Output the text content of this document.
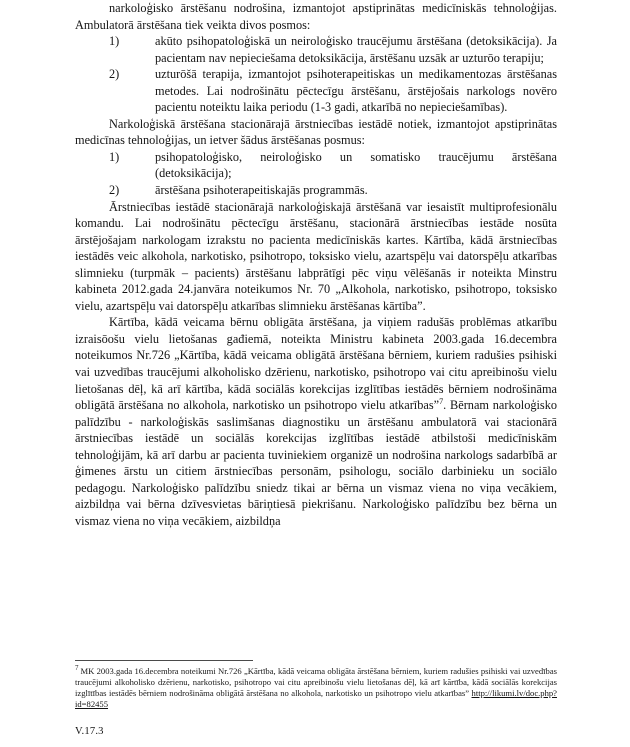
narkoloģisko ārstēšanu nodrošina, izmantojot apstiprinātas medicīniskās tehnoloģijas. Ambulatorā ārstēšana tiek veikta divos posmos:

1)	akūto psihopatoloģiskā un neiroloģisko traucējumu ārstēšana (detoksikācija). Ja pacientam nav nepieciešama detoksikācija, ārstēšanu uzsāk ar uzturōo terapiju;
2)	uzturōšā terapija, izmantojot psihoterapeitiskas un medikamentozas ārstēšanas metodes. Lai nodrošinātu pēctecīgu ārstēšanu, ārstējošais narkologs novēro pacientu noteiktu laika periodu (1-3 gadi, atkarībā no nepieciešamības).

Narkoloģiskā ārstēšana stacionārajā ārstniecības iestādē notiek, izmantojot apstiprinātas medicīnas tehnoloģijas, un ietver šādus ārstēšanas posmus:

1)	psihopatoloģisko, neiroloģisko un somatisko traucējumu ārstēšana (detoksikācija);
2)	ārstēšana psihoterapeitiskajās programmās.

Ārstniecības iestādē stacionārajā narkoloģiskajā ārstēšanā var iesaistīt multiprofesionālu komandu. Lai nodrošinātu pēctecīgu ārstēšanu, stacionārā ārstniecības iestāde nosūta ārstējošajam narkologam izrakstu no pacienta medicīniskās kartes. Kārtība, kādā ārstniecības iestādēs veic alkohola, narkotisko, psihotropo, toksisko vielu, azartspēļu vai datorspēļu atkarības slimnieku (turpmāk – pacients) ārstēšanu labprātīgi pēc viņu vēlēšanās ir noteikta Minstru kabineta 2012.gada 24.janvāra noteikumos Nr. 70 „Alkohola, narkotisko, psihotropo, toksisko vielu, azartspēļu vai datorspēļu atkarības slimnieku ārstēšanas kārtība”.

Kārtība, kādā veicama bērnu obligāta ārstēšana, ja viņiem radušās problēmas atkarību izraisōošu vielu lietošanas gađiemā, noteikta Ministru kabineta 2003.gada 16.decembra noteikumos Nr.726 „Kārtība, kādā veicama obligātā ārstēšana bērniem, kuriem radušies psihiski vai uzvedības traucējumi alkoholisko dzērienu, narkotisko, psihotropo vai citu apreibinošu vielu lietošanas dēļ, kā arī kārtība, kādā sociālās korekcijas izglītības iestādēs bērniem nodrošināma obligātā ārstēšana no alkohola, narkotisko un psihotropo vielu atkarības”$^7$. Bērnam narkoloģisko palīdzību - narkoloģiskās saslimšanas diagnostiku un ārstēšanu ambulatorā vai stacionārā ārstniecības iestādē un sociālās korekcijas izglītības iestādē atbilstoši medicīniskām tehnoloģijām, kā arī darbu ar pacienta tuviniekiem organizē un nodrošina narkologs sadarbībā ar ģimenes ārstu un citiem ārstniecības personām, psihologu, sociālo darbinieku un sociālo pedagogu. Narkoloģisko palīdzību sniedz tikai ar bērna un vismaz viena no viņa vecākiem, aizbildņa vai bērna dzīvesvietas bāriņtiesā piekrišanu. Narkoloģisko palīdzību bez bērna un vismaz viena no viņa vecākiem, aizbildņa

$^7$ MK 2003.gada 16.decembra noteikumi Nr.726 „Kārtība, kādā veicama obligāta ārstēšana bērniem, kuriem radušies psihiski vai uzvedības traucējumi alkoholisko dzērienu, narkotisko, psihotropo vai citu apreibinošu vielu lietošanas dēļ, kā arī kārtība, kādā sociālās korekcijas izglītības iestādēs bērniem nodrošināma obligātā ārstēšana no alkohola, narkotisko un psihotropo vielu atkarības” http://likumi.lv/doc.php?id=82455
V.17.3
